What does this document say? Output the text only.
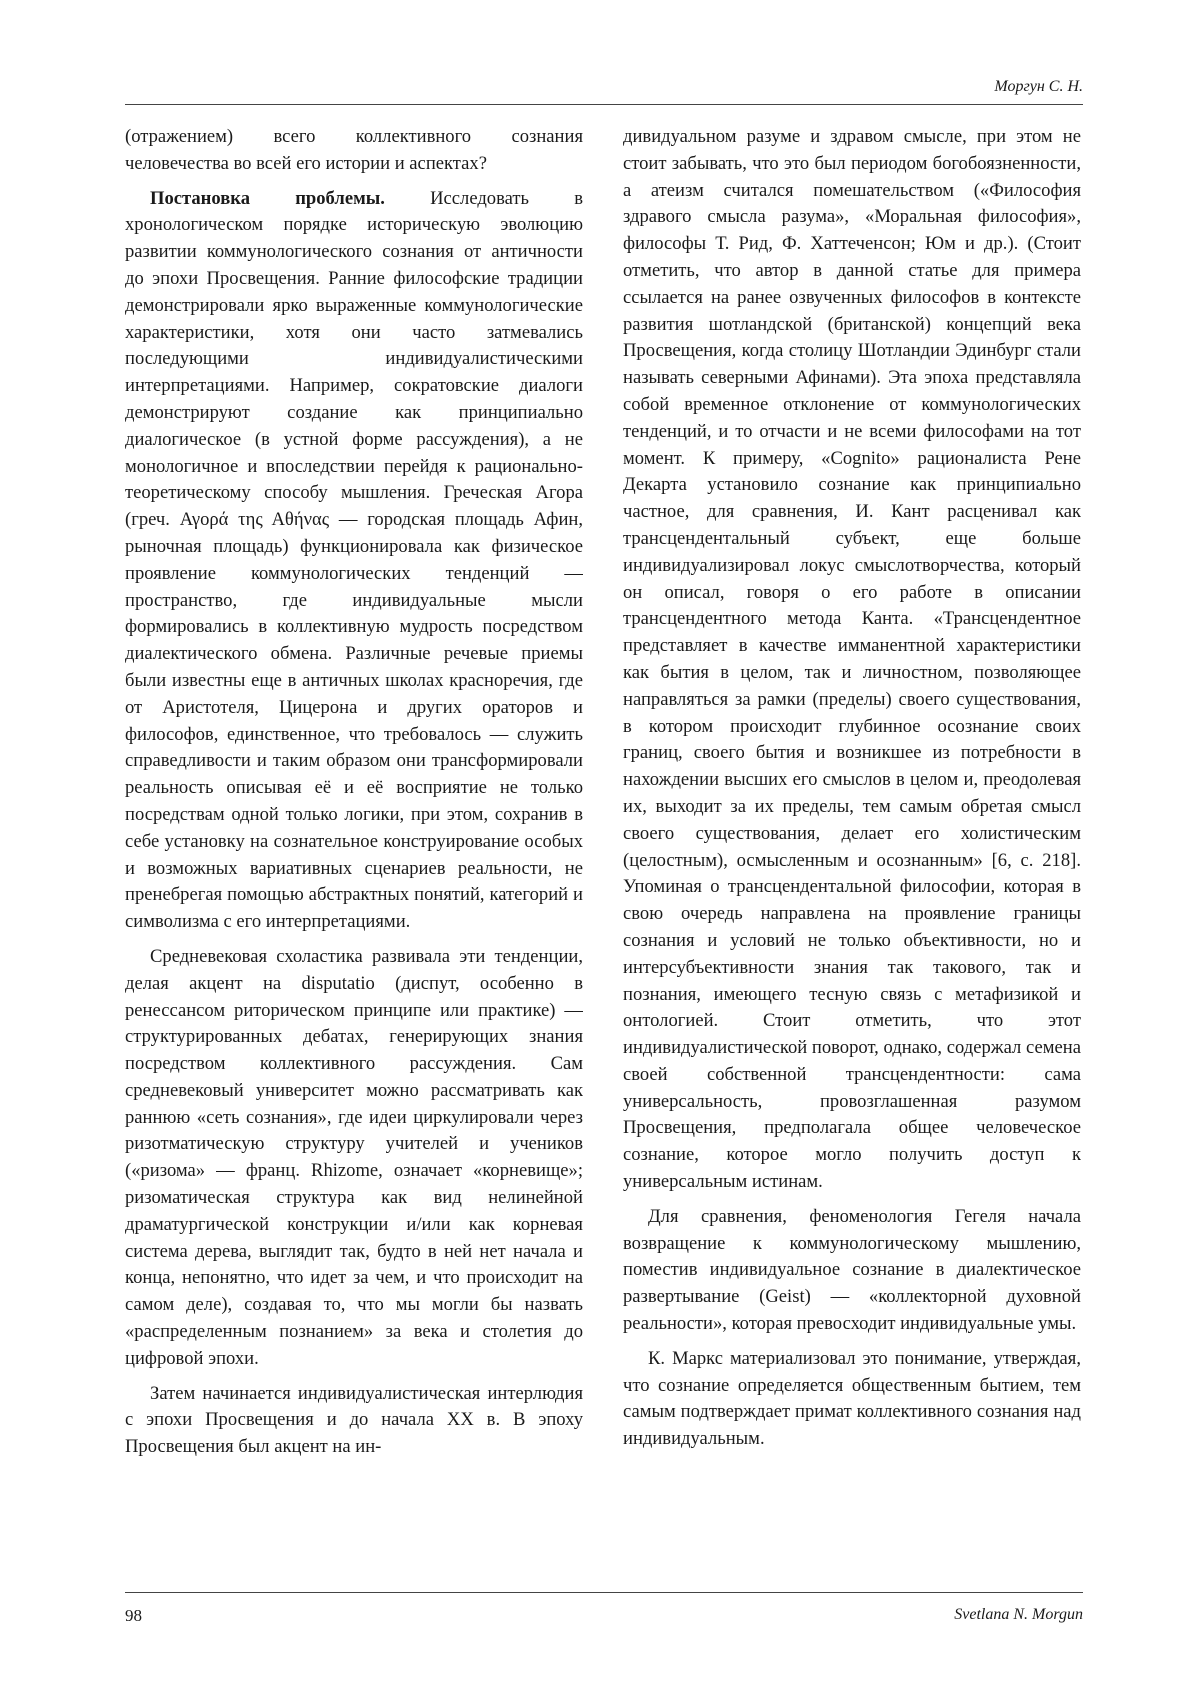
Моргун С. Н.

(отражением) всего коллективного сознания человечества во всей его истории и аспектах?

Постановка проблемы. Исследовать в хронологическом порядке историческую эволюцию развитии коммунологического сознания от античности до эпохи Просвещения. Ранние философские традиции демонстрировали ярко выраженные коммунологические характеристики, хотя они часто затмевались последующими индивидуалистическими интерпретациями. Например, сократовские диалоги демонстрируют создание как принципиально диалогическое (в устной форме рассуждения), а не монологичное и впоследствии перейдя к рационально-теоретическому способу мышления. Греческая Агора (греч. Αγορά της Αθήνας — городская площадь Афин, рыночная площадь) функционировала как физическое проявление коммунологических тенденций — пространство, где индивидуальные мысли формировались в коллективную мудрость посредством диалектического обмена. Различные речевые приемы были известны еще в античных школах красноречия, где от Аристотеля, Цицерона и других ораторов и философов, единственное, что требовалось — служить справедливости и таким образом они трансформировали реальность описывая её и её восприятие не только посредствам одной только логики, при этом, сохранив в себе установку на сознательное конструирование особых и возможных вариативных сценариев реальности, не пренебрегая помощью абстрактных понятий, категорий и символизма с его интерпретациями.

Средневековая схоластика развивала эти тенденции, делая акцент на disputatio (диспут, особенно в ренессансом риторическом принципе или практике) — структурированных дебатах, генерирующих знания посредством коллективного рассуждения. Сам средневековый университет можно рассматривать как раннюю «сеть сознания», где идеи циркулировали через ризотматическую структуру учителей и учеников («ризома» — франц. Rhizome, означает «корневище»; ризоматическая структура как вид нелинейной драматургической конструкции и/или как корневая система дерева, выглядит так, будто в ней нет начала и конца, непонятно, что идет за чем, и что происходит на самом деле), создавая то, что мы могли бы назвать «распределенным познанием» за века и столетия до цифровой эпохи.

Затем начинается индивидуалистическая интерлюдия с эпохи Просвещения и до начала XX в. В эпоху Просвещения был акцент на ин-

дивидуальном разуме и здравом смысле, при этом не стоит забывать, что это был периодом богобоязненности, а атеизм считался помешательством («Философия здравого смысла разума», «Моральная философия», философы Т. Рид, Ф. Хаттеченсон; Юм и др.). (Стоит отметить, что автор в данной статье для примера ссылается на ранее озвученных философов в контексте развития шотландской (британской) концепций века Просвещения, когда столицу Шотландии Эдинбург стали называть северными Афинами). Эта эпоха представляла собой временное отклонение от коммунологических тенденций, и то отчасти и не всеми философами на тот момент. К примеру, «Cognito» рационалиста Рене Декарта установило сознание как принципиально частное, для сравнения, И. Кант расценивал как трансцендентальный субъект, еще больше индивидуализировал локус смыслотворчества, который он описал, говоря о его работе в описании трансцендентного метода Канта. «Трансцендентное представляет в качестве имманентной характеристики как бытия в целом, так и личностном, позволяющее направляться за рамки (пределы) своего существования, в котором происходит глубинное осознание своих границ, своего бытия и возникшее из потребности в нахождении высших его смыслов в целом и, преодолевая их, выходит за их пределы, тем самым обретая смысл своего существования, делает его холистическим (целостным), осмысленным и осознанным» [6, с. 218]. Упоминая о трансцендентальной философии, которая в свою очередь направлена на проявление границы сознания и условий не только объективности, но и интерсубъективности знания так такового, так и познания, имеющего тесную связь с метафизикой и онтологией. Стоит отметить, что этот индивидуалистической поворот, однако, содержал семена своей собственной трансцендентности: сама универсальность, провозглашенная разумом Просвещения, предполагала общее человеческое сознание, которое могло получить доступ к универсальным истинам.

Для сравнения, феноменология Гегеля начала возвращение к коммунологическому мышлению, поместив индивидуальное сознание в диалектическое развертывание (Geist) — «коллекторной духовной реальности», которая превосходит индивидуальные умы.

К. Маркс материализовал это понимание, утверждая, что сознание определяется общественным бытием, тем самым подтверждает примат коллективного сознания над индивидуальным.

98	Svetlana N. Morgun
